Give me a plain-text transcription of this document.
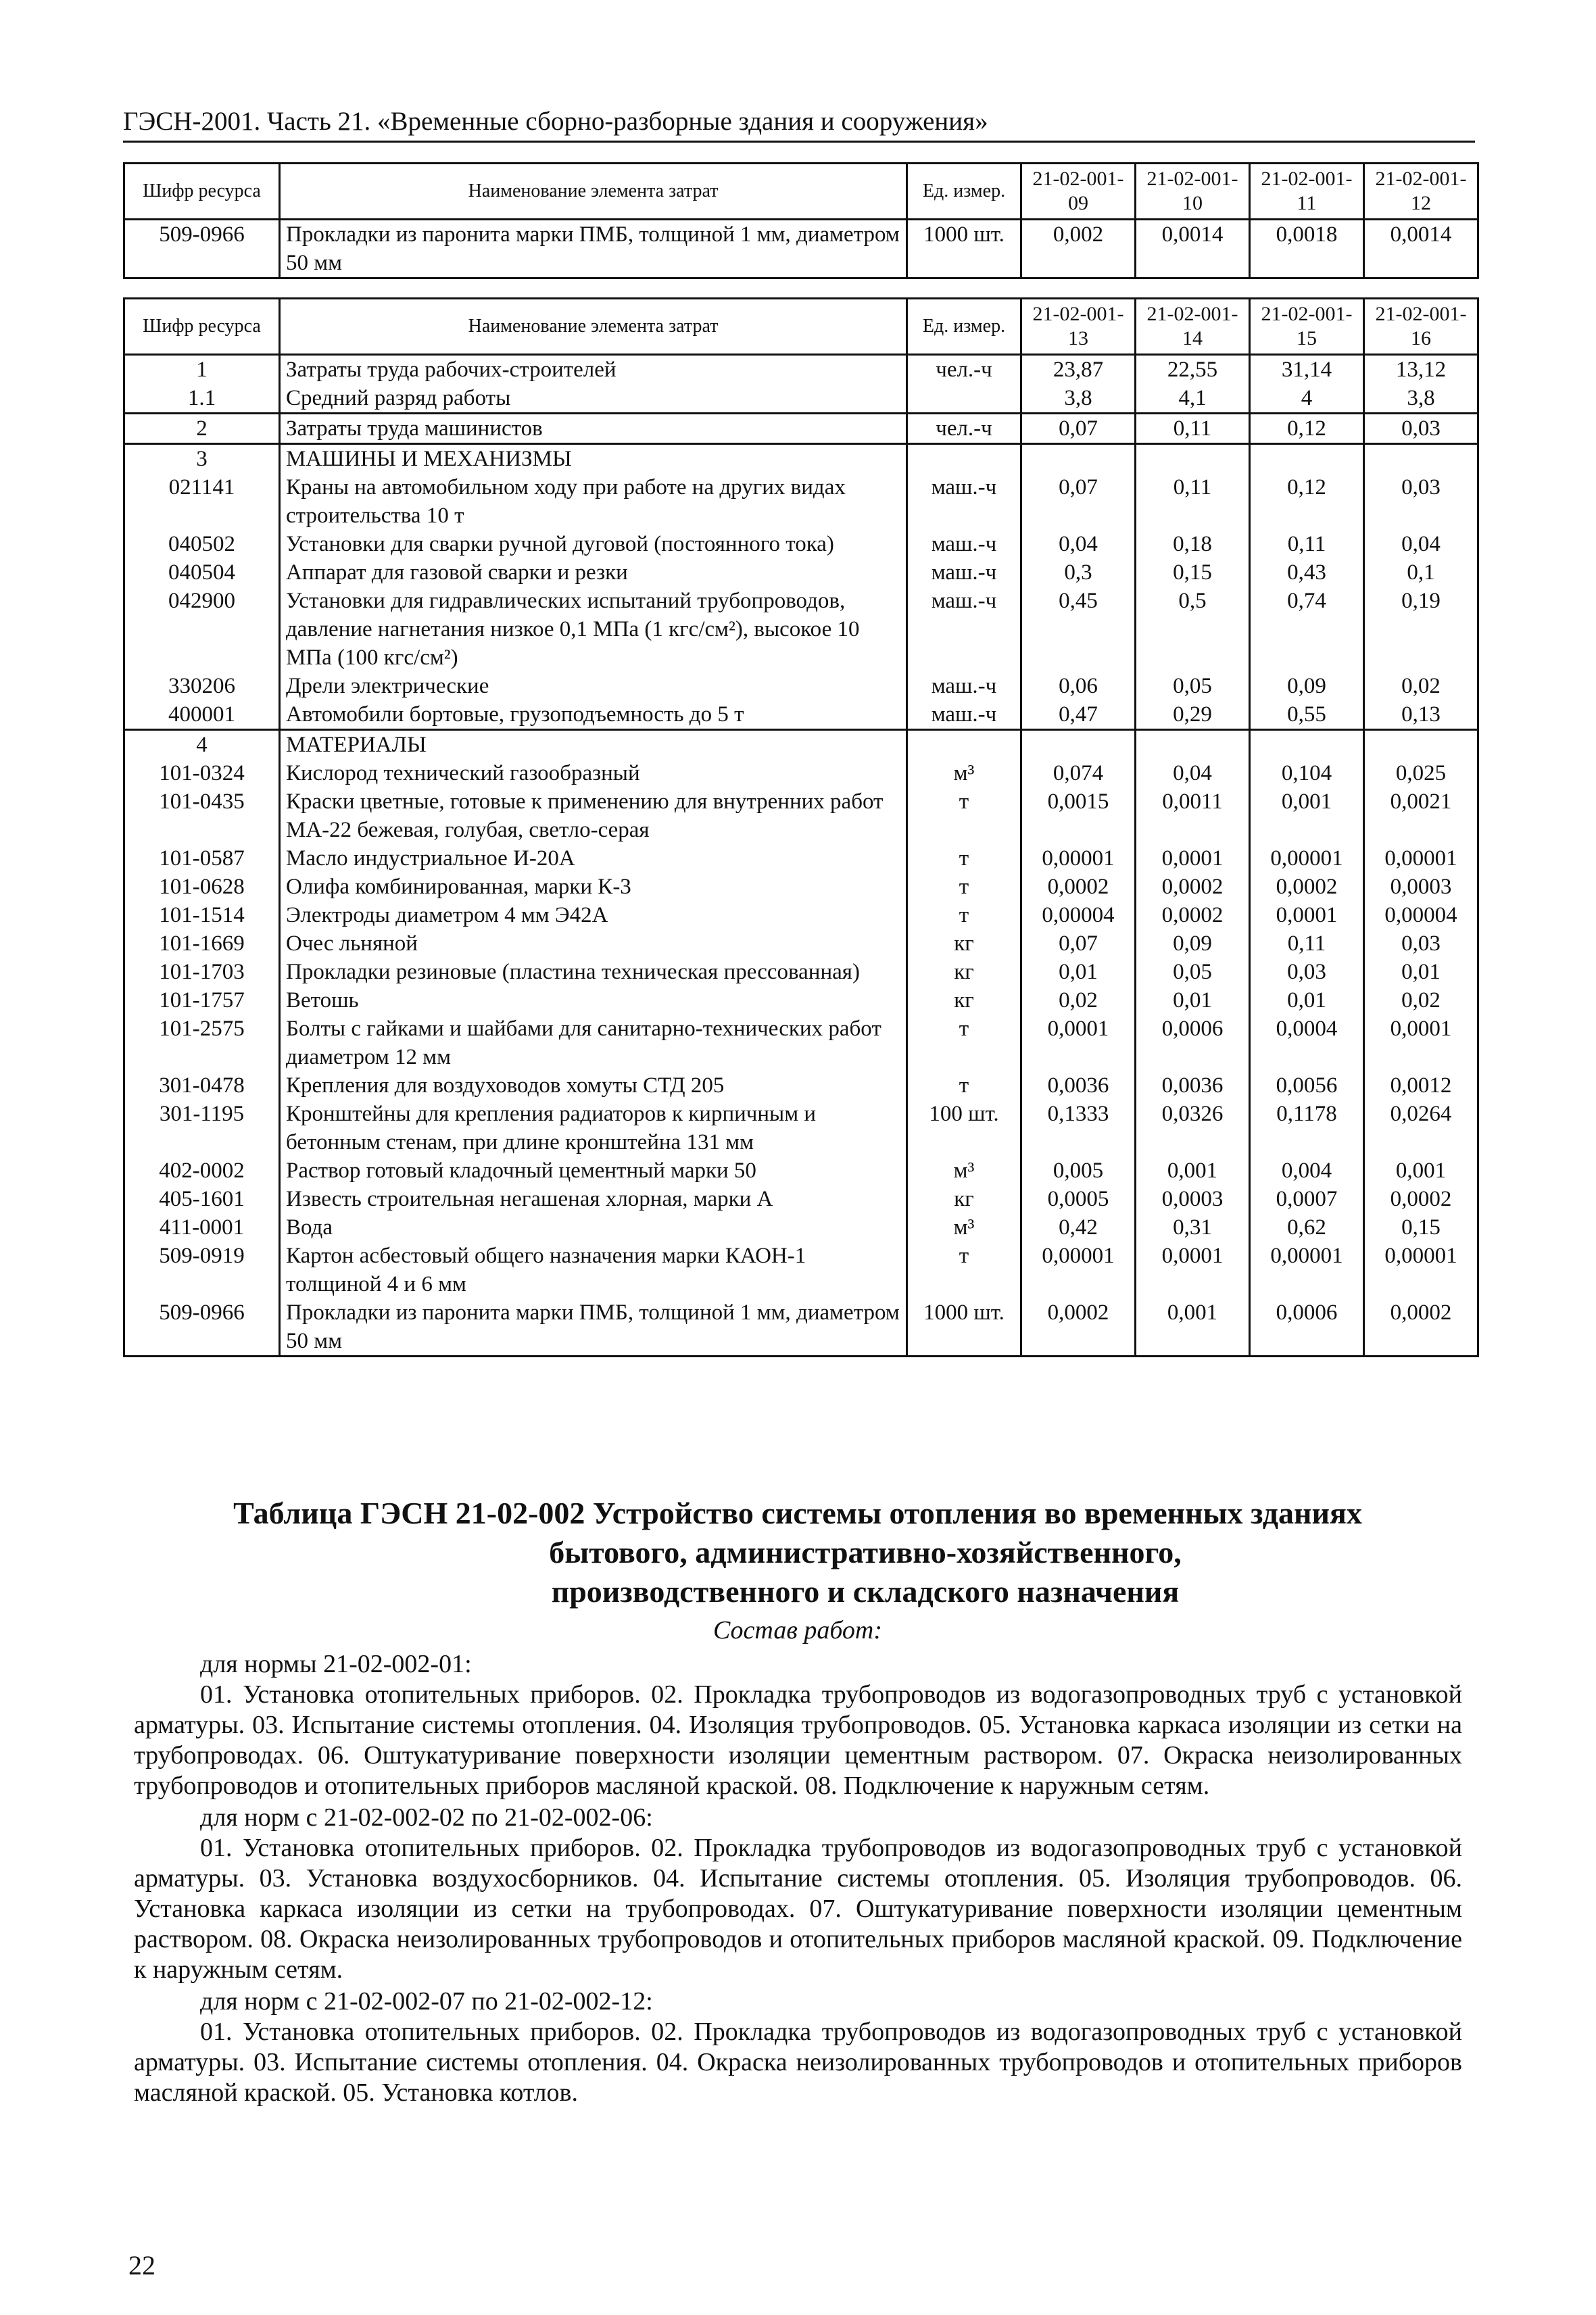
ГЭСН-2001. Часть 21. «Временные сборно-разборные здания и сооружения»
Шифр ресурса	Наименование элемента затрат	Ед. измер.	21-02-001-09	21-02-001-10	21-02-001-11	21-02-001-12
509-0966	Прокладки из паронита марки ПМБ, толщиной 1 мм, диаметром 50 мм	1000 шт.	0,002	0,0014	0,0018	0,0014
Шифр ресурса	Наименование элемента затрат	Ед. измер.	21-02-001-13	21-02-001-14	21-02-001-15	21-02-001-16
1	Затраты труда рабочих-строителей	чел.-ч	23,87	22,55	31,14	13,12
1.1	Средний разряд работы		3,8	4,1	4	3,8
2	Затраты труда машинистов	чел.-ч	0,07	0,11	0,12	0,03
3	МАШИНЫ И МЕХАНИЗМЫ					
021141	Краны на автомобильном ходу при работе на других видах строительства 10 т	маш.-ч	0,07	0,11	0,12	0,03
040502	Установки для сварки ручной дуговой (постоянного тока)	маш.-ч	0,04	0,18	0,11	0,04
040504	Аппарат для газовой сварки и резки	маш.-ч	0,3	0,15	0,43	0,1
042900	Установки для гидравлических испытаний трубопроводов, давление нагнетания низкое 0,1 МПа (1 кгс/см²), высокое 10 МПа (100 кгс/см²)	маш.-ч	0,45	0,5	0,74	0,19
330206	Дрели электрические	маш.-ч	0,06	0,05	0,09	0,02
400001	Автомобили бортовые, грузоподъемность до 5 т	маш.-ч	0,47	0,29	0,55	0,13
4	МАТЕРИАЛЫ					
101-0324	Кислород технический газообразный	м³	0,074	0,04	0,104	0,025
101-0435	Краски цветные, готовые к применению для внутренних работ МА-22 бежевая, голубая, светло-серая	т	0,0015	0,0011	0,001	0,0021
101-0587	Масло индустриальное И-20А	т	0,00001	0,0001	0,00001	0,00001
101-0628	Олифа комбинированная, марки К-3	т	0,0002	0,0002	0,0002	0,0003
101-1514	Электроды диаметром 4 мм Э42А	т	0,00004	0,0002	0,0001	0,00004
101-1669	Очес льняной	кг	0,07	0,09	0,11	0,03
101-1703	Прокладки резиновые (пластина техническая прессованная)	кг	0,01	0,05	0,03	0,01
101-1757	Ветошь	кг	0,02	0,01	0,01	0,02
101-2575	Болты с гайками и шайбами для санитарно-технических работ диаметром 12 мм	т	0,0001	0,0006	0,0004	0,0001
301-0478	Крепления для воздуховодов хомуты СТД 205	т	0,0036	0,0036	0,0056	0,0012
301-1195	Кронштейны для крепления радиаторов к кирпичным и бетонным стенам, при длине кронштейна 131 мм	100 шт.	0,1333	0,0326	0,1178	0,0264
402-0002	Раствор готовый кладочный цементный марки 50	м³	0,005	0,001	0,004	0,001
405-1601	Известь строительная негашеная хлорная, марки А	кг	0,0005	0,0003	0,0007	0,0002
411-0001	Вода	м³	0,42	0,31	0,62	0,15
509-0919	Картон асбестовый общего назначения марки КАОН-1 толщиной 4 и 6 мм	т	0,00001	0,0001	0,00001	0,00001
509-0966	Прокладки из паронита марки ПМБ, толщиной 1 мм, диаметром 50 мм	1000 шт.	0,0002	0,001	0,0006	0,0002
Таблица ГЭСН 21-02-002 Устройство системы отопления во временных зданиях
бытового, административно-хозяйственного,
производственного и складского назначения
Состав работ:

для нормы 21-02-002-01:

01. Установка отопительных приборов. 02. Прокладка трубопроводов из водогазопроводных труб с установкой арматуры. 03. Испытание системы отопления. 04. Изоляция трубопроводов. 05. Установка каркаса изоляции из сетки на трубопроводах. 06. Оштукатуривание поверхности изоляции цементным раствором. 07. Окраска неизолированных трубопроводов и отопительных приборов масляной краской. 08. Подключение к наружным сетям.

для норм с 21-02-002-02 по 21-02-002-06:

01. Установка отопительных приборов. 02. Прокладка трубопроводов из водогазопроводных труб с установкой арматуры. 03. Установка воздухосборников. 04. Испытание системы отопления. 05. Изоляция трубопроводов. 06. Установка каркаса изоляции из сетки на трубопроводах. 07. Оштукатуривание поверхности изоляции цементным раствором. 08. Окраска неизолированных трубопроводов и отопительных приборов масляной краской. 09. Подключение к наружным сетям.

для норм с 21-02-002-07 по 21-02-002-12:

01. Установка отопительных приборов. 02. Прокладка трубопроводов из водогазопроводных труб с установкой арматуры. 03. Испытание системы отопления. 04. Окраска неизолированных трубопроводов и отопительных приборов масляной краской. 05. Установка котлов.

22
